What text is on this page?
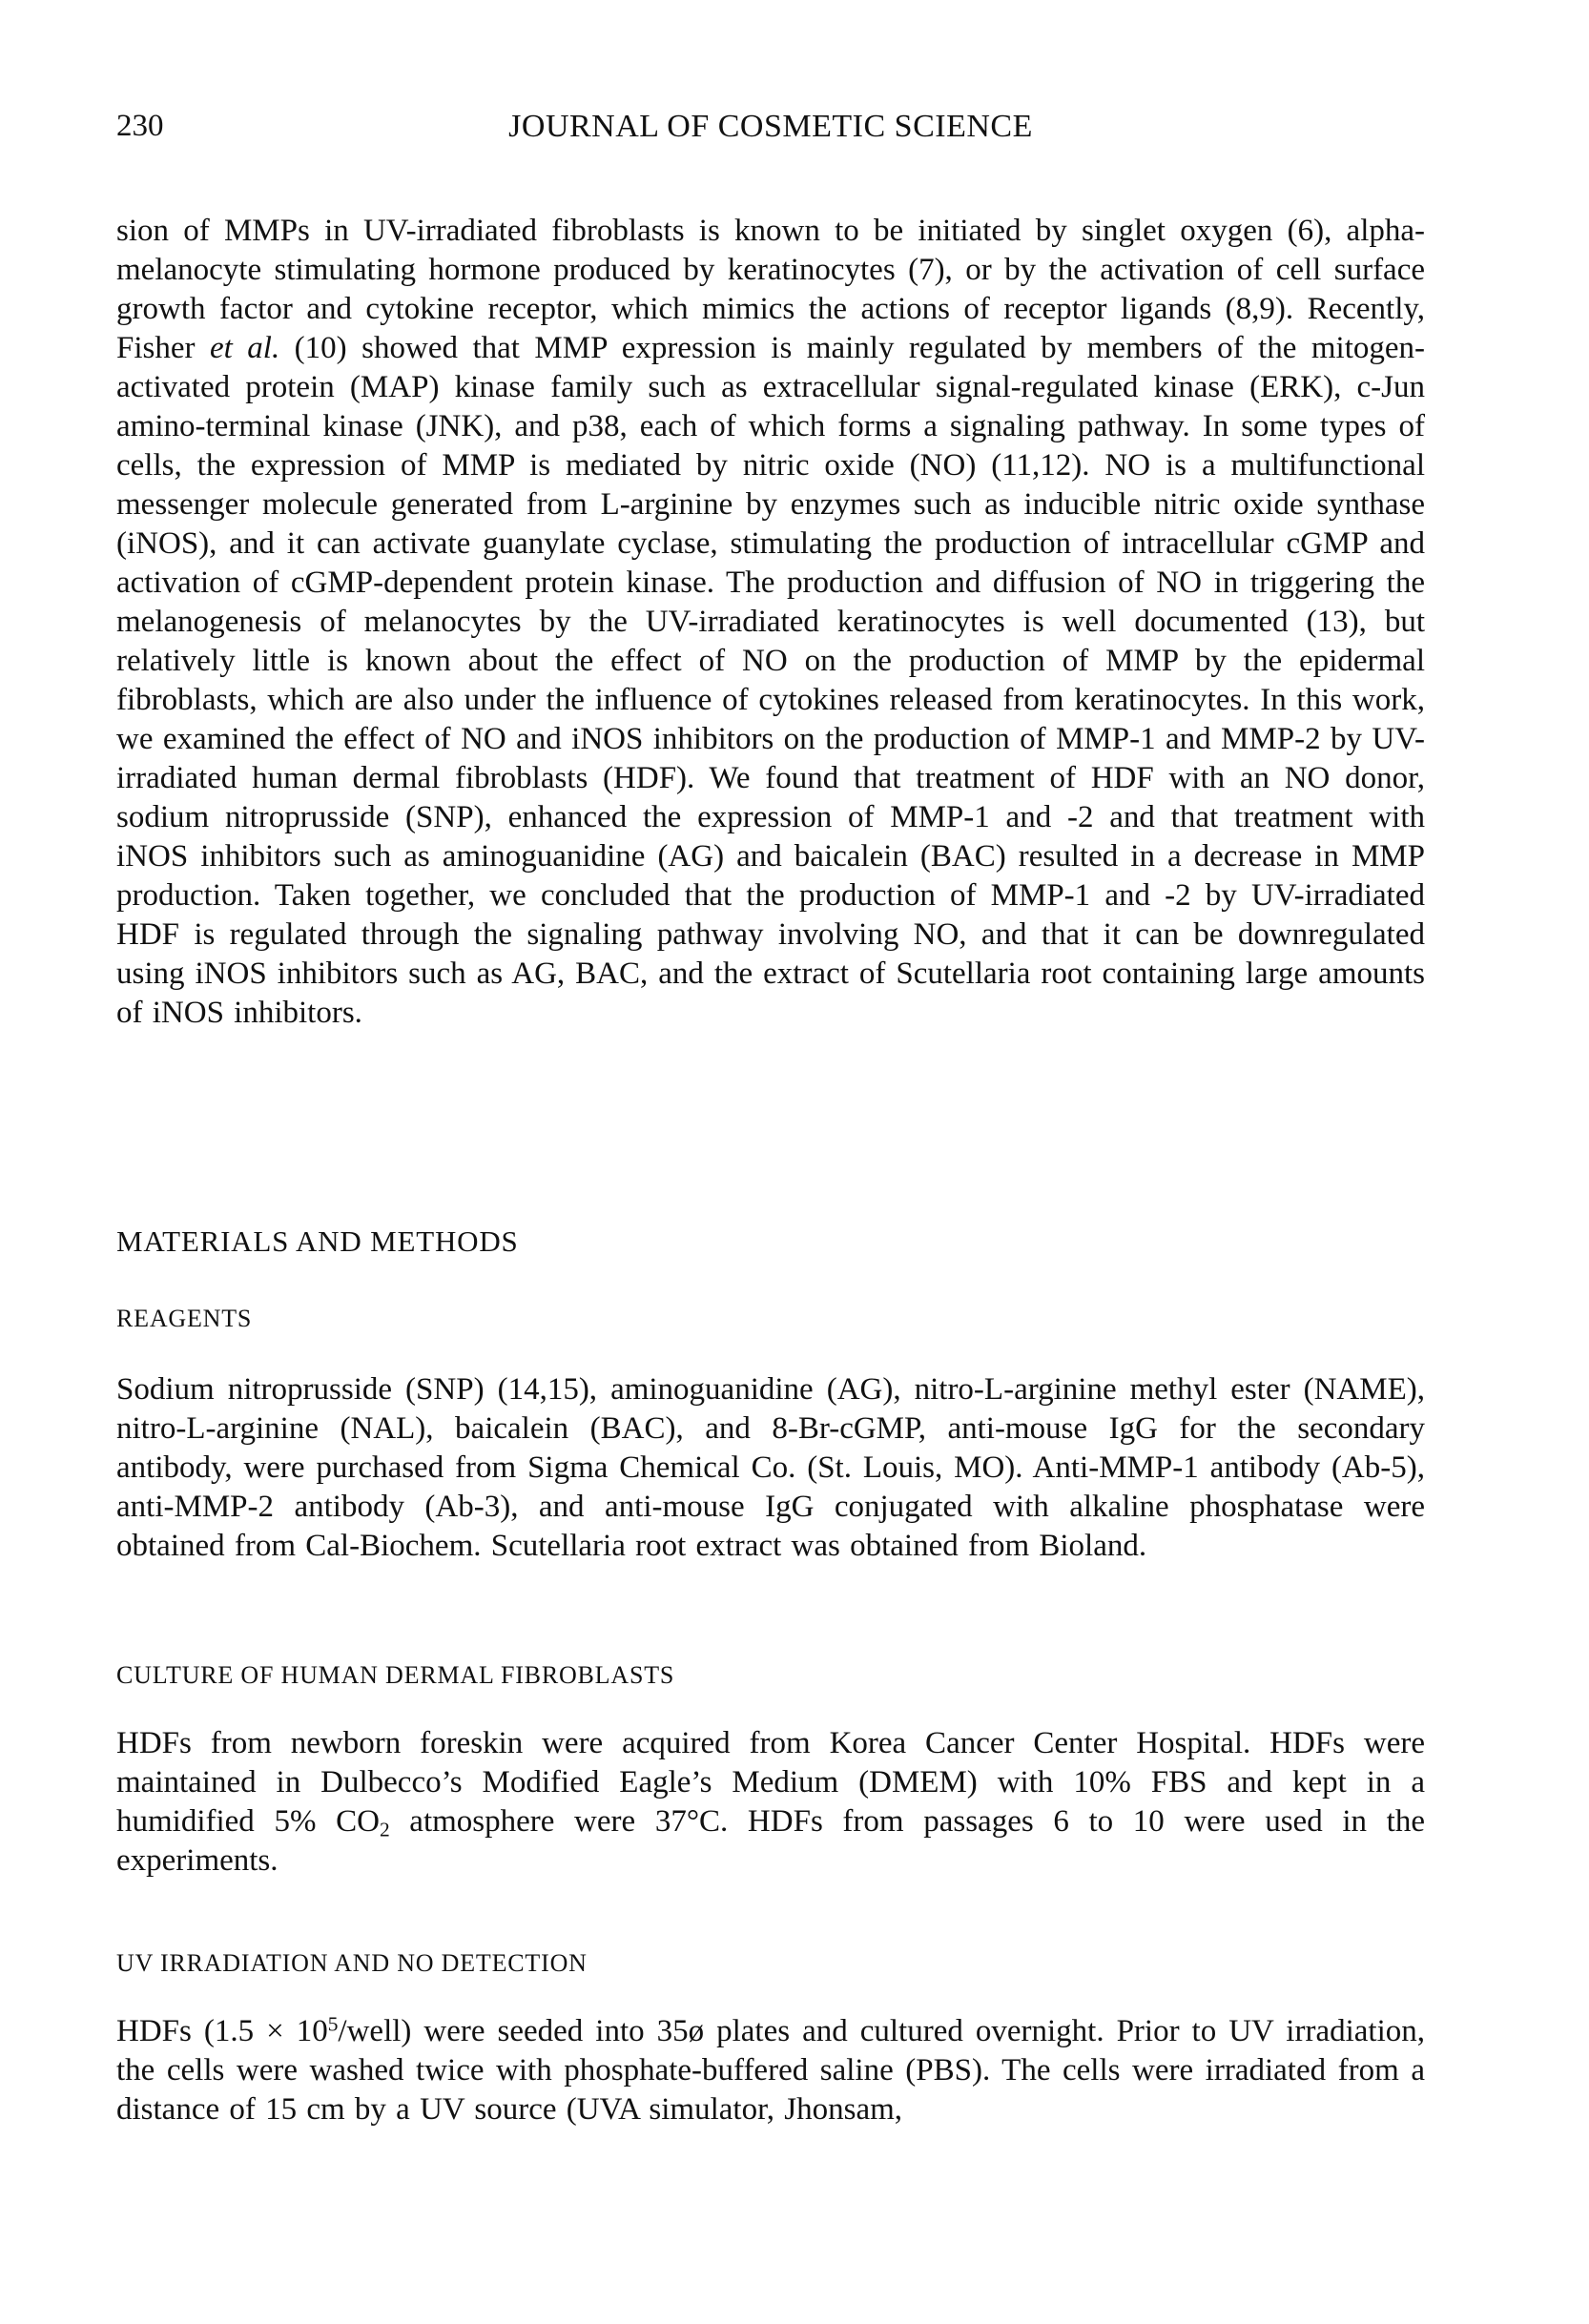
230	JOURNAL OF COSMETIC SCIENCE

sion of MMPs in UV-irradiated fibroblasts is known to be initiated by singlet oxygen (6), alpha-melanocyte stimulating hormone produced by keratinocytes (7), or by the activation of cell surface growth factor and cytokine receptor, which mimics the actions of receptor ligands (8,9). Recently, Fisher et al. (10) showed that MMP expression is mainly regulated by members of the mitogen-activated protein (MAP) kinase family such as extracellular signal-regulated kinase (ERK), c-Jun amino-terminal kinase (JNK), and p38, each of which forms a signaling pathway. In some types of cells, the expression of MMP is mediated by nitric oxide (NO) (11,12). NO is a multifunctional messenger molecule generated from L-arginine by enzymes such as inducible nitric oxide synthase (iNOS), and it can activate guanylate cyclase, stimulating the production of intracellular cGMP and activation of cGMP-dependent protein kinase. The production and diffusion of NO in triggering the melanogenesis of melanocytes by the UV-irradiated keratinocytes is well documented (13), but relatively little is known about the effect of NO on the production of MMP by the epidermal fibroblasts, which are also under the influence of cytokines released from keratinocytes. In this work, we examined the effect of NO and iNOS inhibitors on the production of MMP-1 and MMP-2 by UV-irradiated human dermal fibroblasts (HDF). We found that treatment of HDF with an NO donor, sodium nitroprusside (SNP), enhanced the expression of MMP-1 and -2 and that treatment with iNOS inhibitors such as aminoguanidine (AG) and baicalein (BAC) resulted in a decrease in MMP production. Taken together, we concluded that the production of MMP-1 and -2 by UV-irradiated HDF is regulated through the signaling pathway involving NO, and that it can be downregulated using iNOS inhibitors such as AG, BAC, and the extract of Scutellaria root containing large amounts of iNOS inhibitors.

MATERIALS AND METHODS
REAGENTS

Sodium nitroprusside (SNP) (14,15), aminoguanidine (AG), nitro-L-arginine methyl ester (NAME), nitro-L-arginine (NAL), baicalein (BAC), and 8-Br-cGMP, anti-mouse IgG for the secondary antibody, were purchased from Sigma Chemical Co. (St. Louis, MO). Anti-MMP-1 antibody (Ab-5), anti-MMP-2 antibody (Ab-3), and anti-mouse IgG conjugated with alkaline phosphatase were obtained from Cal-Biochem. Scutellaria root extract was obtained from Bioland.

CULTURE OF HUMAN DERMAL FIBROBLASTS

HDFs from newborn foreskin were acquired from Korea Cancer Center Hospital. HDFs were maintained in Dulbecco’s Modified Eagle’s Medium (DMEM) with 10% FBS and kept in a humidified 5% $CO_2$ atmosphere were 37°C. HDFs from passages 6 to 10 were used in the experiments.

UV IRRADIATION AND NO DETECTION

HDFs $(1.5 \times 10^5/well)$ were seeded into 35ø plates and cultured overnight. Prior to UV irradiation, the cells were washed twice with phosphate-buffered saline (PBS). The cells were irradiated from a distance of 15 cm by a UV source (UVA simulator, Jhonsam,
